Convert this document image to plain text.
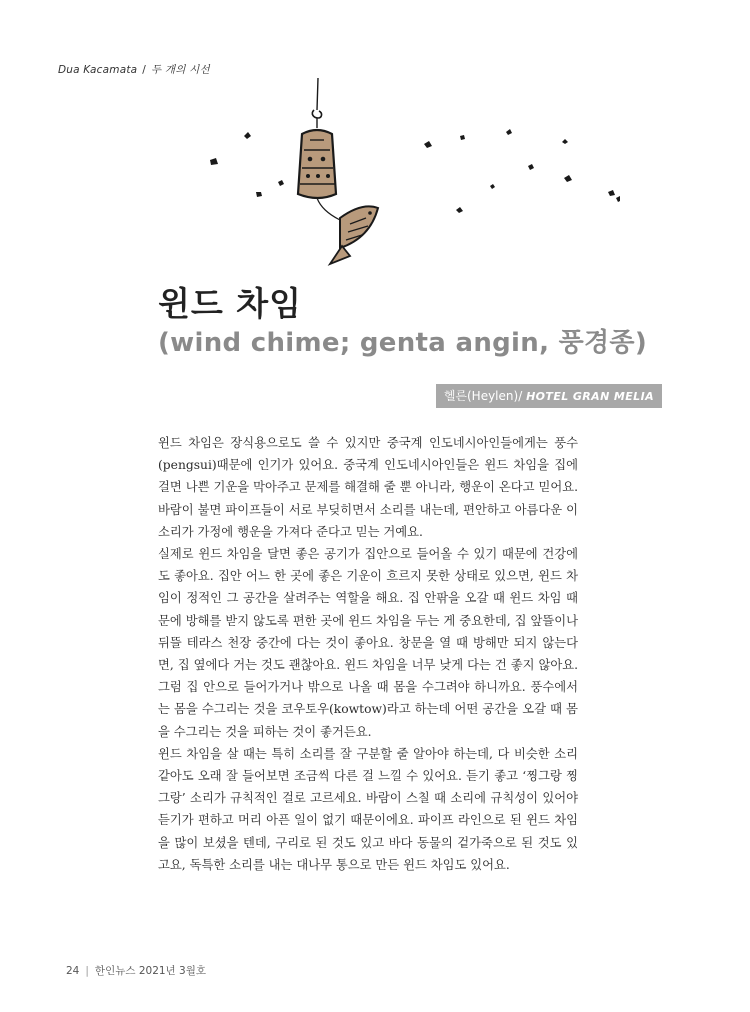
Dua Kacamata / 두 개의 시선
윈드 차임
(wind chime; genta angin, 풍경종)
헬른(Heylen)/ HOTEL GRAN MELIA

윈드 차임은 장식용으로도 쓸 수 있지만 중국계 인도네시아인들에게는 풍수(pengsui)때문에 인기가 있어요. 중국계 인도네시아인들은 윈드 차임을 집에 걸면 나쁜 기운을 막아주고 문제를 해결해 줄 뿐 아니라, 행운이 온다고 믿어요. 바람이 불면 파이프들이 서로 부딪히면서 소리를 내는데, 편안하고 아름다운 이 소리가 가정에 행운을 가져다 준다고 믿는 거예요.

실제로 윈드 차임을 달면 좋은 공기가 집안으로 들어올 수 있기 때문에 건강에도 좋아요. 집안 어느 한 곳에 좋은 기운이 흐르지 못한 상태로 있으면, 윈드 차임이 정적인 그 공간을 살려주는 역할을 해요. 집 안팎을 오갈 때 윈드 차임 때문에 방해를 받지 않도록 편한 곳에 윈드 차임을 두는 게 중요한데, 집 앞뜰이나 뒤뜰 테라스 천장 중간에 다는 것이 좋아요. 창문을 열 때 방해만 되지 않는다면, 집 옆에다 거는 것도 괜찮아요. 윈드 차임을 너무 낮게 다는 건 좋지 않아요. 그럼 집 안으로 들어가거나 밖으로 나올 때 몸을 수그려야 하니까요. 풍수에서는 몸을 수그리는 것을 코우토우(kowtow)라고 하는데 어떤 공간을 오갈 때 몸을 수그리는 것을 피하는 것이 좋거든요.

윈드 차임을 살 때는 특히 소리를 잘 구분할 줄 알아야 하는데, 다 비슷한 소리 같아도 오래 잘 들어보면 조금씩 다른 걸 느낄 수 있어요. 듣기 좋고 ‘찡그랑 찡그랑’ 소리가 규칙적인 걸로 고르세요. 바람이 스칠 때 소리에 규칙성이 있어야 듣기가 편하고 머리 아픈 일이 없기 때문이에요. 파이프 라인으로 된 윈드 차임을 많이 보셨을 텐데, 구리로 된 것도 있고 바다 동물의 겉가죽으로 된 것도 있고요, 독특한 소리를 내는 대나무 통으로 만든 윈드 차임도 있어요.

24 | 한인뉴스 2021년 3월호
